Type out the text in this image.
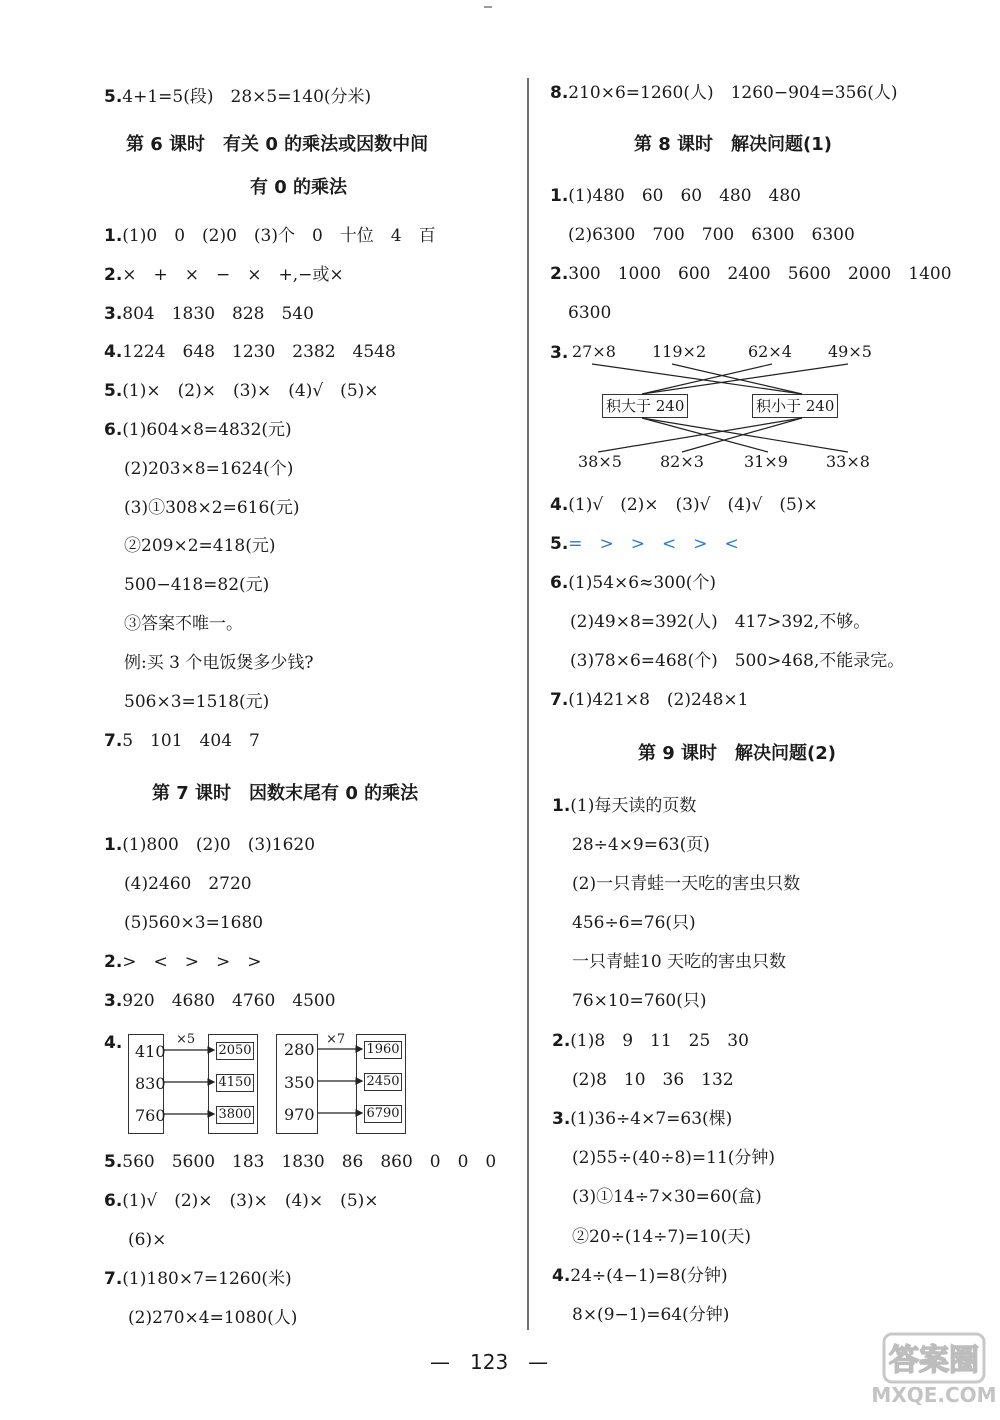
5.4+1=5(段)　28×5=140(分米)
第 6 课时　有关 0 的乘法或因数中间
有 0 的乘法
1.(1)0　0　(2)0　(3)个　0　十位　4　百
2.×　+　×　−　×　+,−或×
3.804　1830　828　540
4.1224　648　1230　2382　4548
5.(1)×　(2)×　(3)×　(4)√　(5)×
6.(1)604×8=4832(元)
(2)203×8=1624(个)
(3)①308×2=616(元)
②209×2=418(元)
500−418=82(元)
③答案不唯一。
例:买 3 个电饭煲多少钱?
506×3=1518(元)
7.5　101　404　7
第 7 课时　因数末尾有 0 的乘法
1.(1)800　(2)0　(3)1620
(4)2460　2720
(5)560×3=1680
2.>　<　>　>　>
3.920　4680　4760　4500
4.	×5
410
830
760
2050
4150
3800
×7
280
350
970
1960
2450
6790
5.560　5600　183　1830　86　860　0　0　0
6.(1)√　(2)×　(3)×　(4)×　(5)×
(6)×
7.(1)180×7=1260(米)
(2)270×4=1080(人)
8.210×6=1260(人)　1260−904=356(人)
第 8 课时　解决问题(1)
1.(1)480　60　60　480　480
(2)6300　700　700　6300　6300
2.300　1000　600　2400　5600　2000　1400
6300
3. 27×8 119×2	62×4 49×5
积大于 240	积小于 240
38×5 82×3	31×9 33×8
4.(1)√　(2)×　(3)√　(4)√　(5)×
5.=　>　>　<　>　<
6.(1)54×6≈300(个)
(2)49×8=392(人)　417>392,不够。
(3)78×6=468(个)　500>468,不能录完。
7.(1)421×8　(2)248×1
第 9 课时　解决问题(2)
1.(1)每天读的页数
28÷4×9=63(页)
(2)一只青蛙一天吃的害虫只数
456÷6=76(只)
一只青蛙10 天吃的害虫只数
76×10=760(只)
2.(1)8　9　11　25　30
(2)8　10　36　132
3.(1)36÷4×7=63(棵)
(2)55÷(40÷8)=11(分钟)
(3)①14÷7×30=60(盒)
②20÷(14÷7)=10(天)
4.24÷(4−1)=8(分钟)
8×(9−1)=64(分钟)
—　123　—	答案圈
MXQE.COM
